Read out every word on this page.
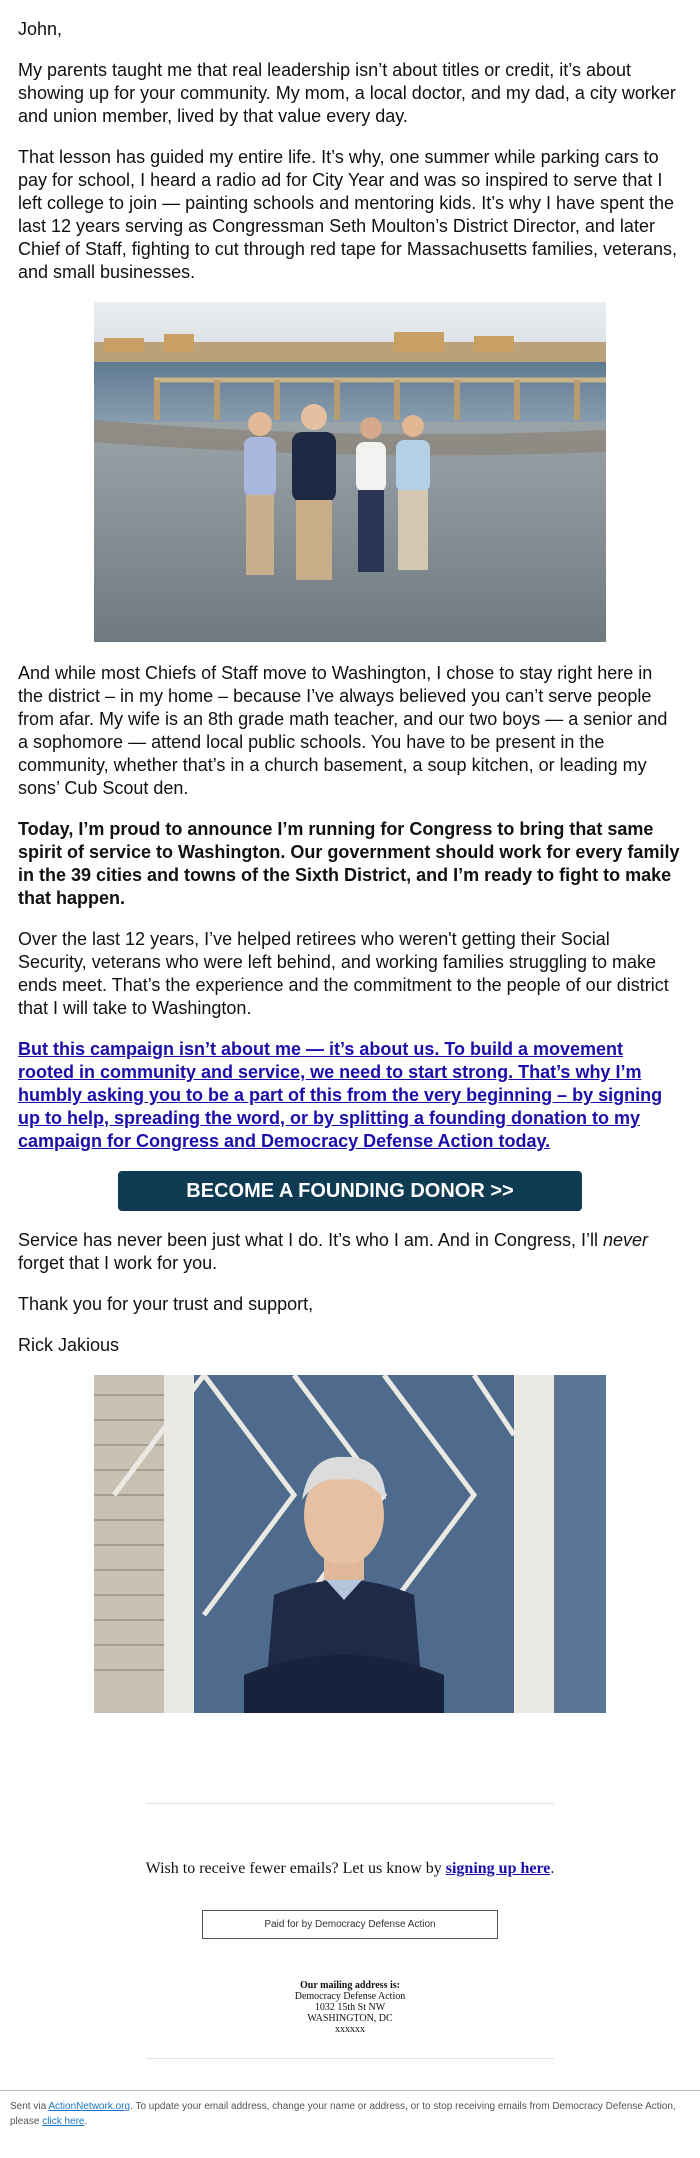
John,

My parents taught me that real leadership isn’t about titles or credit, it’s about showing up for your community. My mom, a local doctor, and my dad, a city worker and union member, lived by that value every day.

That lesson has guided my entire life. It’s why, one summer while parking cars to pay for school, I heard a radio ad for City Year and was so inspired to serve that I left college to join — painting schools and mentoring kids. It’s why I have spent the last 12 years serving as Congressman Seth Moulton’s District Director, and later Chief of Staff, fighting to cut through red tape for Massachusetts families, veterans, and small businesses.

And while most Chiefs of Staff move to Washington, I chose to stay right here in the district – in my home – because I’ve always believed you can’t serve people from afar. My wife is an 8th grade math teacher, and our two boys — a senior and a sophomore — attend local public schools. You have to be present in the community, whether that’s in a church basement, a soup kitchen, or leading my sons’ Cub Scout den.

Today, I’m proud to announce I’m running for Congress to bring that same spirit of service to Washington. Our government should work for every family in the 39 cities and towns of the Sixth District, and I’m ready to fight to make that happen.

Over the last 12 years, I’ve helped retirees who weren't getting their Social Security, veterans who were left behind, and working families struggling to make ends meet. That’s the experience and the commitment to the people of our district that I will take to Washington.

But this campaign isn’t about me — it’s about us. To build a movement rooted in community and service, we need to start strong. That’s why I’m humbly asking you to be a part of this from the very beginning – by signing up to help, spreading the word, or by splitting a founding donation to my campaign for Congress and Democracy Defense Action today.

BECOME A FOUNDING DONOR >>

Service has never been just what I do. It’s who I am. And in Congress, I’ll never forget that I work for you.

Thank you for your trust and support,

Rick Jakious

Wish to receive fewer emails? Let us know by signing up here.
Paid for by Democracy Defense Action
Our mailing address is:
Democracy Defense Action
1032 15th St NW
WASHINGTON, DC
xxxxxx
Sent via ActionNetwork.org. To update your email address, change your name or address, or to stop receiving emails from Democracy Defense Action, please click here.
